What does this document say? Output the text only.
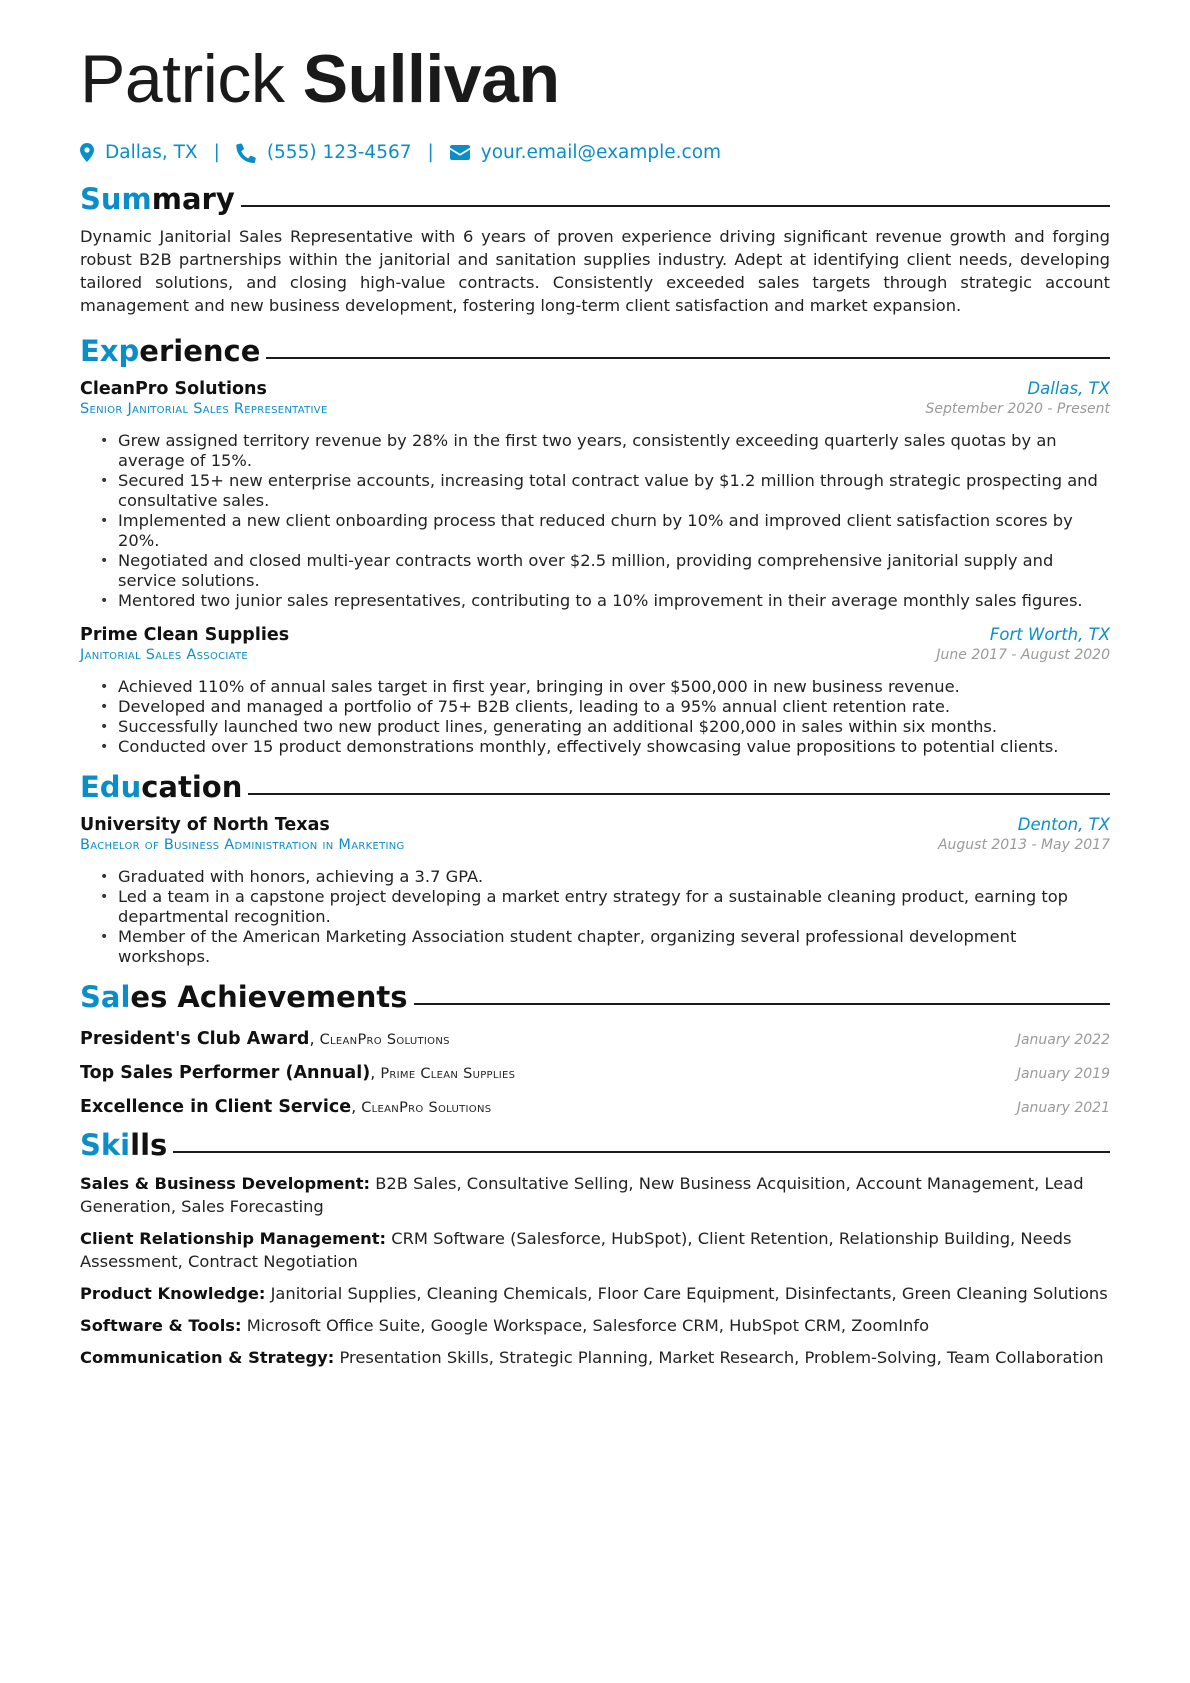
Patrick Sullivan
Dallas, TX |	(555) 123-4567 |	your.email@example.com
Sum mary
Dynamic Janitorial Sales Representative with 6 years of proven experience driving significant revenue growth and forging robust B2B partnerships within the janitorial and sanitation supplies industry. Adept at identifying client needs, developing tailored solutions, and closing high-value contracts. Consistently exceeded sales targets through strategic account management and new business development, fostering long-term client satisfaction and market expansion.
Exp erience
CleanPro Solutions	Dallas, TX
Senior Janitorial Sales Representative	September 2020 - Present
• Grew assigned territory revenue by 28% in the first two years, consistently exceeding quarterly sales quotas by an average of 15%.
• Secured 15+ new enterprise accounts, increasing total contract value by $1.2 million through strategic prospecting and consultative sales.
• Implemented a new client onboarding process that reduced churn by 10% and improved client satisfaction scores by 20%.
• Negotiated and closed multi-year contracts worth over $2.5 million, providing comprehensive janitorial supply and service solutions.
• Mentored two junior sales representatives, contributing to a 10% improvement in their average monthly sales figures.
Prime Clean Supplies	Fort Worth, TX
Janitorial Sales Associate	June 2017 - August 2020
• Achieved 110% of annual sales target in first year, bringing in over $500,000 in new business revenue.
• Developed and managed a portfolio of 75+ B2B clients, leading to a 95% annual client retention rate.
• Successfully launched two new product lines, generating an additional $200,000 in sales within six months.
• Conducted over 15 product demonstrations monthly, effectively showcasing value propositions to potential clients.
Edu cation
University of North Texas	Denton, TX
Bachelor of Business Administration in Marketing	August 2013 - May 2017
• Graduated with honors, achieving a 3.7 GPA.
• Led a team in a capstone project developing a market entry strategy for a sustainable cleaning product, earning top departmental recognition.
• Member of the American Marketing Association student chapter, organizing several professional development workshops.
Sal es Achievements
President's Club Award, CleanPro Solutions	January 2022
Top Sales Performer (Annual), Prime Clean Supplies	January 2019
Excellence in Client Service, CleanPro Solutions	January 2021
Ski lls
Sales & Business Development: B2B Sales, Consultative Selling, New Business Acquisition, Account Management, Lead Generation, Sales Forecasting
Client Relationship Management: CRM Software (Salesforce, HubSpot), Client Retention, Relationship Building, Needs Assessment, Contract Negotiation
Product Knowledge: Janitorial Supplies, Cleaning Chemicals, Floor Care Equipment, Disinfectants, Green Cleaning Solutions
Software & Tools: Microsoft Office Suite, Google Workspace, Salesforce CRM, HubSpot CRM, ZoomInfo
Communication & Strategy: Presentation Skills, Strategic Planning, Market Research, Problem-Solving, Team Collaboration
